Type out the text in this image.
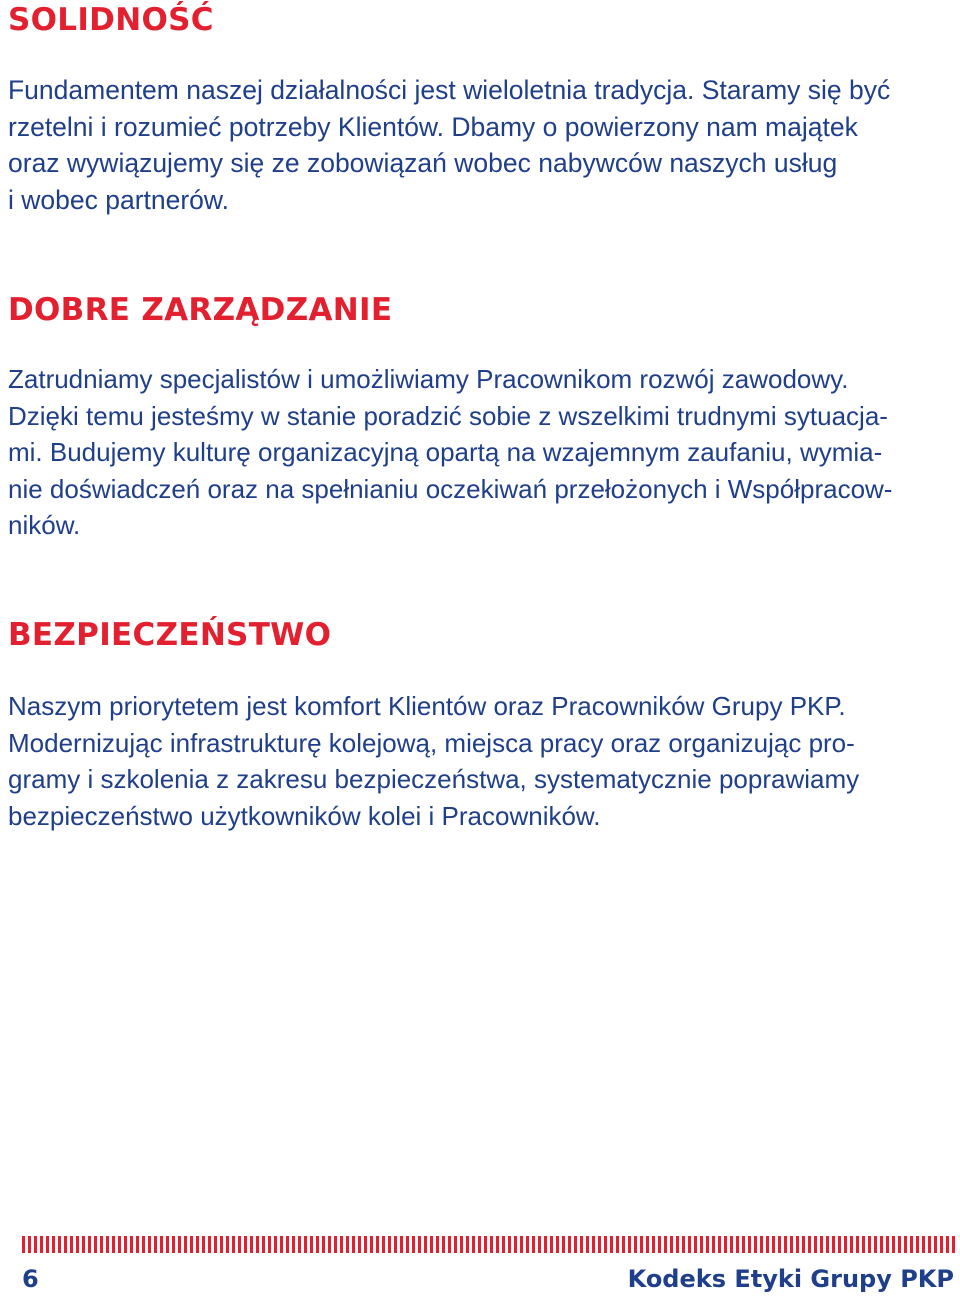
SOLIDNOŚĆ

Fundamentem naszej działalności jest wieloletnia tradycja. Staramy się być
rzetelni i rozumieć potrzeby Klientów. Dbamy o powierzony nam majątek
oraz wywiązujemy się ze zobowiązań wobec nabywców naszych usług
i wobec partnerów.

DOBRE ZARZĄDZANIE

Zatrudniamy specjalistów i umożliwiamy Pracownikom rozwój zawodowy.
Dzięki temu jesteśmy w stanie poradzić sobie z wszelkimi trudnymi sytuacja-
mi. Budujemy kulturę organizacyjną opartą na wzajemnym zaufaniu, wymia-
nie doświadczeń oraz na spełnianiu oczekiwań przełożonych i Współpracow-
ników.

BEZPIECZEŃSTWO

Naszym priorytetem jest komfort Klientów oraz Pracowników Grupy PKP.
Modernizując infrastrukturę kolejową, miejsca pracy oraz organizując pro-
gramy i szkolenia z zakresu bezpieczeństwa, systematycznie poprawiamy
bezpieczeństwo użytkowników kolei i Pracowników.

6	Kodeks Etyki Grupy PKP
